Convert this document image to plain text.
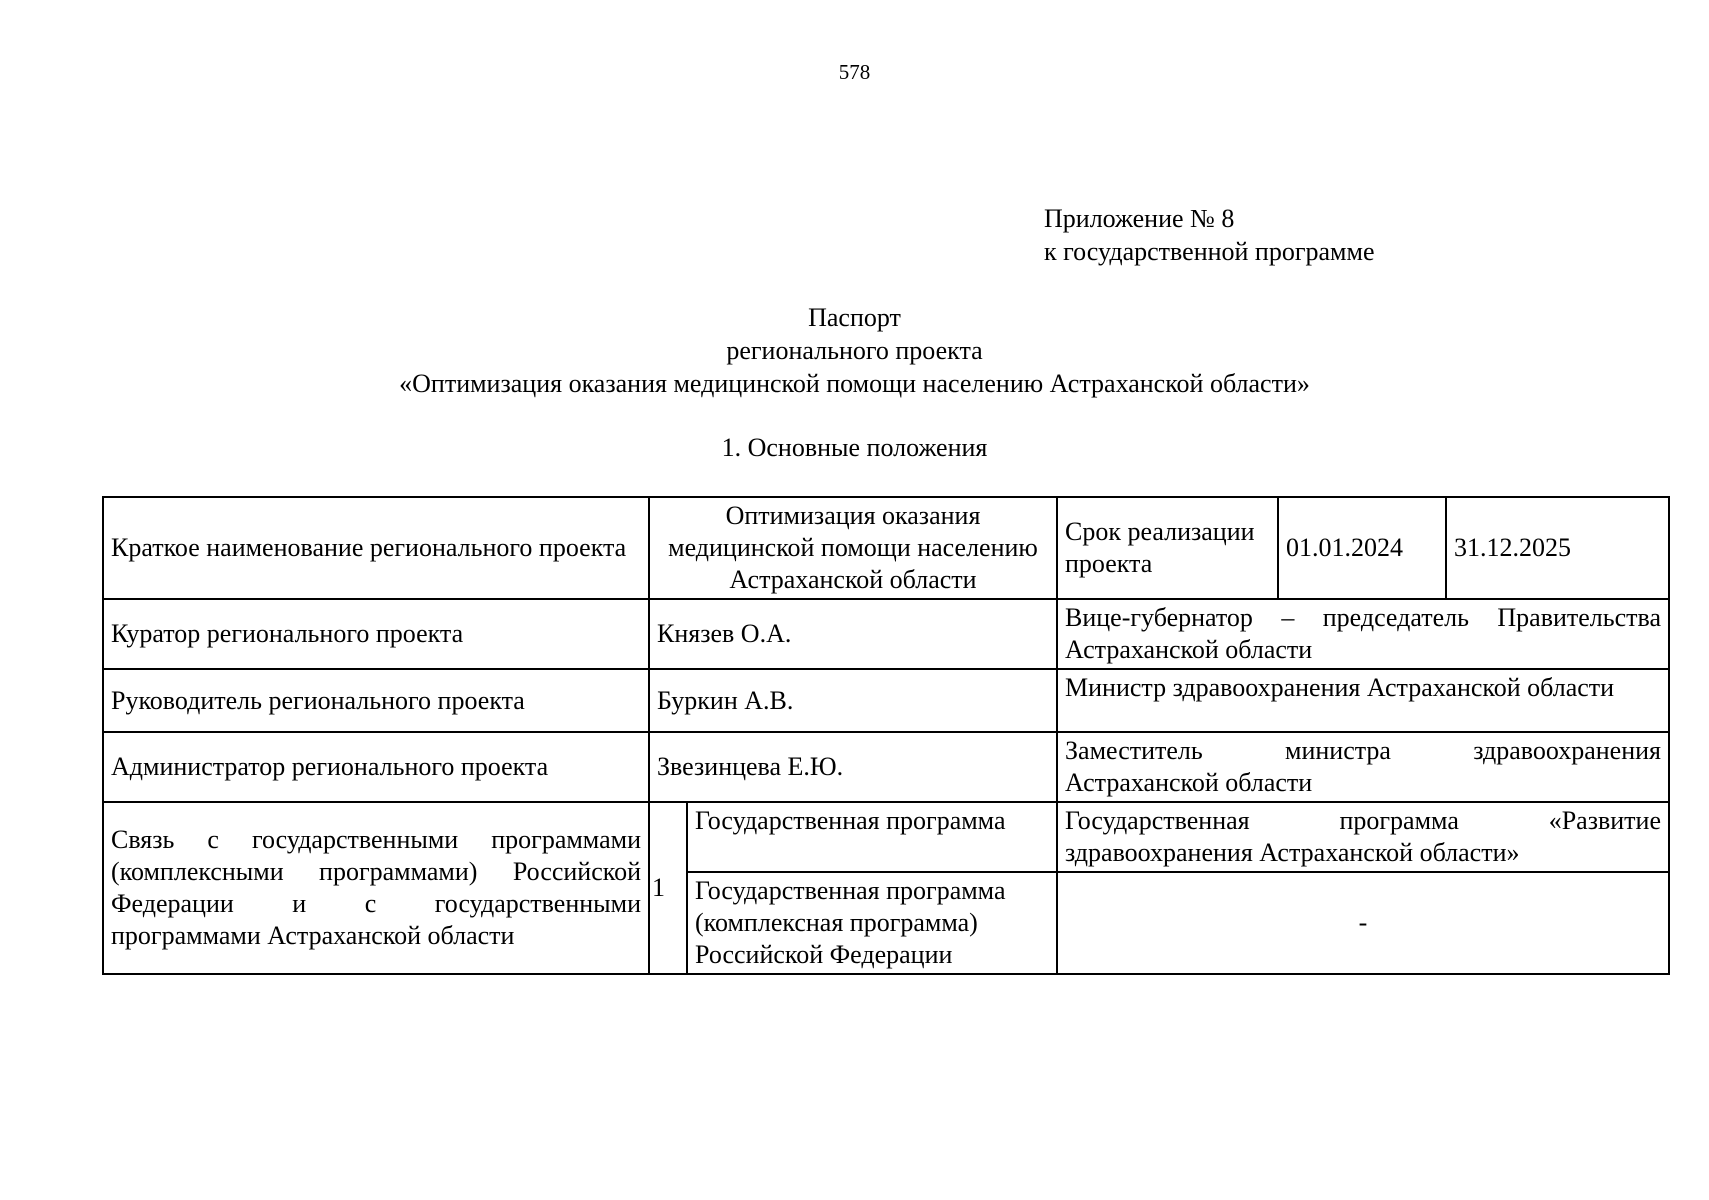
578
Приложение № 8
к государственной программе
Паспорт
регионального проекта
«Оптимизация оказания медицинской помощи населению Астраханской области»
1. Основные положения
Краткое наименование регионального проекта	Оптимизация оказания медицинской помощи населению Астраханской области		Срок реализации проекта	01.01.2024	31.12.2025
Куратор регионального проекта	Князев О.А.		Вице-губернатор – председатель Правительства Астраханской области		
Руководитель регионального проекта	Буркин А.В.		Министр здравоохранения Астраханской области		
Администратор регионального проекта	Звезинцева Е.Ю.		Заместитель министра здравоохранения Астраханской области		
Связь с государственными программами (комплексными программами) Российской Федерации и с государственными программами Астраханской области	1	Государственная программа	Государственная программа «Развитие здравоохранения Астраханской области»		
		Государственная программа (комплексная программа) Российской Федерации	-		
